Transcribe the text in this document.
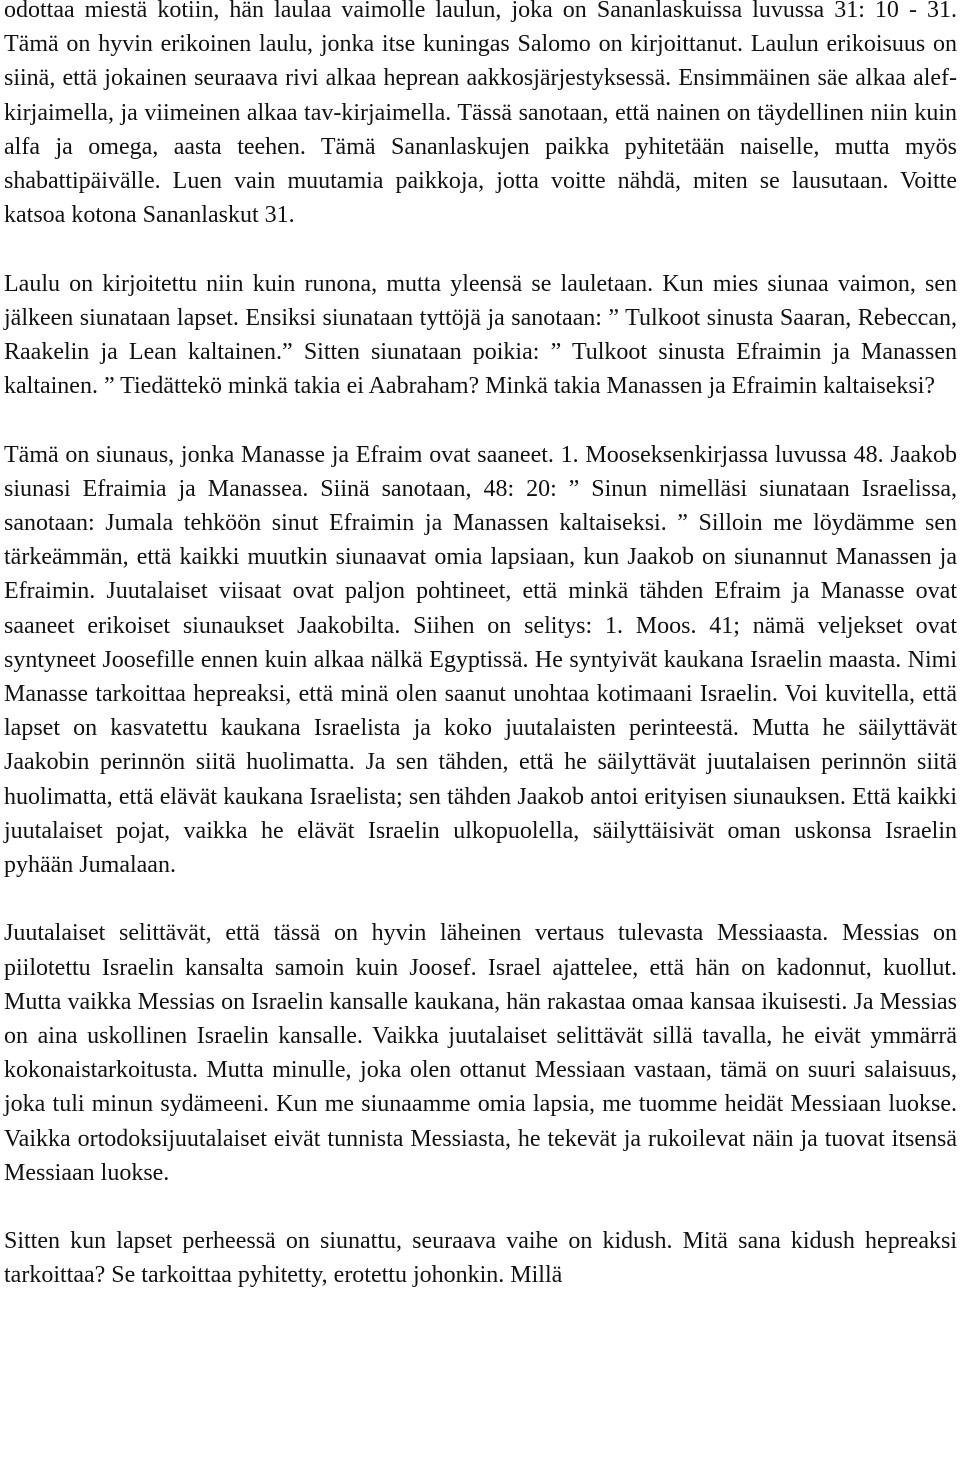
odottaa miestä kotiin, hän laulaa vaimolle laulun, joka on Sananlaskuissa luvussa 31: 10 - 31. Tämä on hyvin erikoinen laulu, jonka itse kuningas Salomo on kirjoittanut. Laulun erikoisuus on siinä, että jokainen seuraava rivi alkaa heprean aakkosjärjestyksessä. Ensimmäinen säe alkaa alef-kirjaimella, ja viimeinen alkaa tav-kirjaimella. Tässä sanotaan, että nainen on täydellinen niin kuin alfa ja omega, aasta teehen. Tämä Sananlaskujen paikka pyhitetään naiselle, mutta myös shabattipäivälle. Luen vain muutamia paikkoja, jotta voitte nähdä, miten se lausutaan. Voitte katsoa kotona Sananlaskut 31.

Laulu on kirjoitettu niin kuin runona, mutta yleensä se lauletaan. Kun mies siunaa vaimon, sen jälkeen siunataan lapset. Ensiksi siunataan tyttöjä ja sanotaan: ” Tulkoot sinusta Saaran, Rebeccan, Raakelin ja Lean kaltainen.” Sitten siunataan poikia: ” Tulkoot sinusta Efraimin ja Manassen kaltainen. ” Tiedättekö minkä takia ei Aabraham? Minkä takia Manassen ja Efraimin kaltaiseksi?

Tämä on siunaus, jonka Manasse ja Efraim ovat saaneet. 1. Mooseksenkirjassa luvussa 48. Jaakob siunasi Efraimia ja Manassea. Siinä sanotaan, 48: 20: ” Sinun nimelläsi siunataan Israelissa, sanotaan: Jumala tehköön sinut Efraimin ja Manassen kaltaiseksi. ” Silloin me löydämme sen tärkeämmän, että kaikki muutkin siunaavat omia lapsiaan, kun Jaakob on siunannut Manassen ja Efraimin. Juutalaiset viisaat ovat paljon pohtineet, että minkä tähden Efraim ja Manasse ovat saaneet erikoiset siunaukset Jaakobilta. Siihen on selitys: 1. Moos. 41; nämä veljekset ovat syntyneet Joosefille ennen kuin alkaa nälkä Egyptissä. He syntyivät kaukana Israelin maasta. Nimi Manasse tarkoittaa hepreaksi, että minä olen saanut unohtaa kotimaani Israelin. Voi kuvitella, että lapset on kasvatettu kaukana Israelista ja koko juutalaisten perinteestä. Mutta he säilyttävät Jaakobin perinnön siitä huolimatta. Ja sen tähden, että he säilyttävät juutalaisen perinnön siitä huolimatta, että elävät kaukana Israelista; sen tähden Jaakob antoi erityisen siunauksen. Että kaikki juutalaiset pojat, vaikka he elävät Israelin ulkopuolella, säilyttäisivät oman uskonsa Israelin pyhään Jumalaan.

Juutalaiset selittävät, että tässä on hyvin läheinen vertaus tulevasta Messiaasta. Messias on piilotettu Israelin kansalta samoin kuin Joosef. Israel ajattelee, että hän on kadonnut, kuollut. Mutta vaikka Messias on Israelin kansalle kaukana, hän rakastaa omaa kansaa ikuisesti. Ja Messias on aina uskollinen Israelin kansalle. Vaikka juutalaiset selittävät sillä tavalla, he eivät ymmärrä kokonaistarkoitusta. Mutta minulle, joka olen ottanut Messiaan vastaan, tämä on suuri salaisuus, joka tuli minun sydämeeni. Kun me siunaamme omia lapsia, me tuomme heidät Messiaan luokse. Vaikka ortodoksijuutalaiset eivät tunnista Messiasta, he tekevät ja rukoilevat näin ja tuovat itsensä Messiaan luokse.

Sitten kun lapset perheessä on siunattu, seuraava vaihe on kidush. Mitä sana kidush hepreaksi tarkoittaa? Se tarkoittaa pyhitetty, erotettu johonkin. Millä
